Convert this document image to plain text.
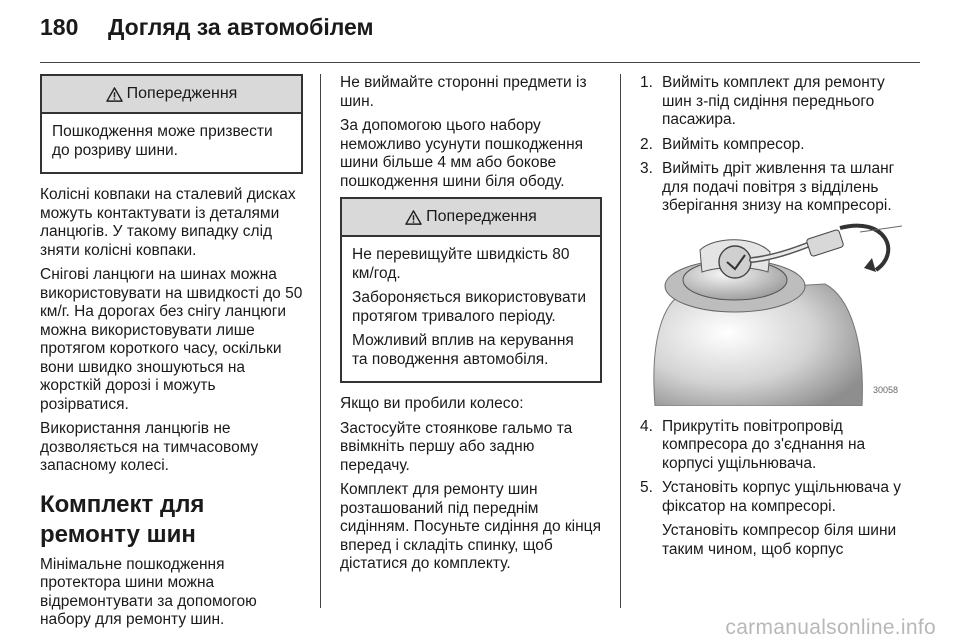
180	Догляд за автомобілем
Попередження
Пошкодження може призвести до розриву шини.
Колісні ковпаки на сталевий дисках можуть контактувати із деталями ланцюгів. У такому випадку слід зняти колісні ковпаки.
Снігові ланцюги на шинах можна використовувати на швидкості до 50 км/г. На дорогах без снігу ланцюги можна використовувати лише протягом короткого часу, оскільки вони швидко зношуються на жорсткій дорозі і можуть розірватися.
Використання ланцюгів не дозволяється на тимчасовому запасному колесі.
Комплект для ремонту шин
Мінімальне пошкодження протектора шини можна відремонтувати за допомогою набору для ремонту шин.
Не виймайте сторонні предмети із шин.
За допомогою цього набору неможливо усунути пошкодження шини більше 4 мм або бокове пошкодження шини біля ободу.
Попередження
Не перевищуйте швидкість 80 км/год.
Забороняється використовувати протягом тривалого періоду.
Можливий вплив на керування та поводження автомобіля.
Якщо ви пробили колесо:
Застосуйте стоянкове гальмо та ввімкніть першу або задню передачу.
Комплект для ремонту шин розташований під переднім сидінням. Посуньте сидіння до кінця вперед і складіть спинку, щоб дістатися до комплекту.
1. Вийміть комплект для ремонту шин з-під сидіння переднього пасажира.
2. Вийміть компресор.
3. Вийміть дріт живлення та шланг для подачі повітря з відділень зберігання знизу на компресорі.
30058
4. Прикрутіть повітропровід компресора до з'єднання на корпусі ущільнювача.
5. Установіть корпус ущільнювача у фіксатор на компресорі.
Установіть компресор біля шини таким чином, щоб корпус
carmanualsonline.info
